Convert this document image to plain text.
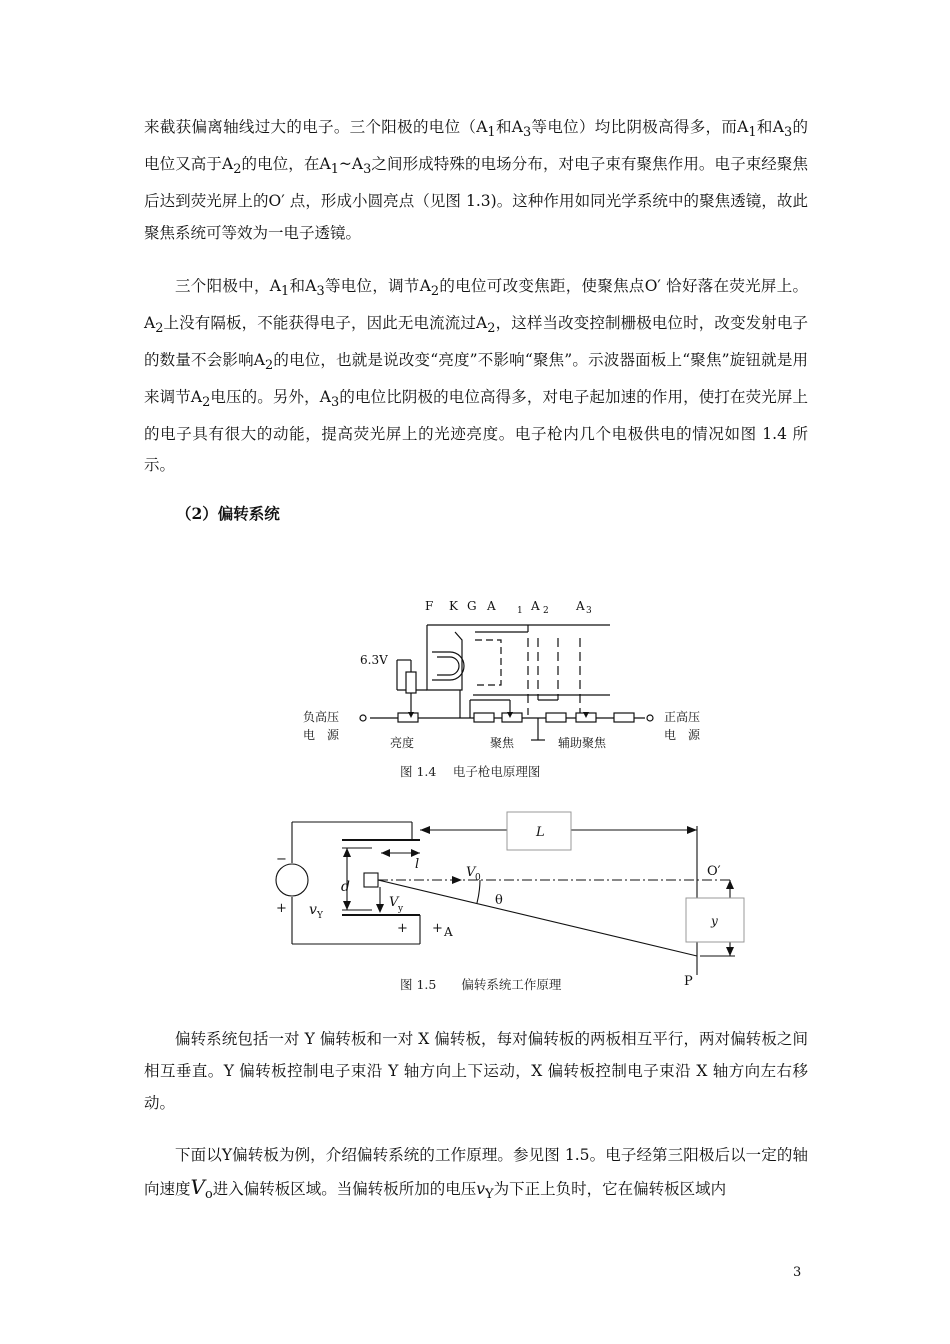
来截获偏离轴线过大的电子。三个阳极的电位（$A_1$和$A_3$等电位）均比阴极高得多，而$A_1$和$A_3$的电位又高于$A_2$的电位，在$A_1\sim A_3$之间形成特殊的电场分布，对电子束有聚焦作用。电子束经聚焦后达到荧光屏上的O′ 点，形成小圆亮点（见图 1.3)。这种作用如同光学系统中的聚焦透镜，故此聚焦系统可等效为一电子透镜。

三个阳极中，$A_1$和$A_3$等电位，调节$A_2$的电位可改变焦距，使聚焦点O′ 恰好落在荧光屏上。$A_2$上没有隔板，不能获得电子，因此无电流流过$A_2$，这样当改变控制栅极电位时，改变发射电子的数量不会影响$A_2$的电位，也就是说改变“亮度”不影响“聚焦”。示波器面板上“聚焦”旋钮就是用来调节$A_2$电压的。另外，$A_3$的电位比阴极的电位高得多，对电子起加速的作用，使打在荧光屏上的电子具有很大的动能，提高荧光屏上的光迹亮度。电子枪内几个电极供电的情况如图 1.4 所示。

（2）偏转系统
F K G A 1 A 2 A 3
6.3V
负高压
电　源
正高压
电　源
亮度	聚焦	辅助聚焦
图 1.4　 电子枪电原理图
L
l
V 0	O′
d
V y
θ
y
v Y
−
+
+ + A
P
图 1.5　　偏转系统工作原理

偏转系统包括一对 Y 偏转板和一对 X 偏转板，每对偏转板的两板相互平行，两对偏转板之间相互垂直。Y 偏转板控制电子束沿 Y 轴方向上下运动，X 偏转板控制电子束沿 X 轴方向左右移动。

下面以Y偏转板为例，介绍偏转系统的工作原理。参见图 1.5。电子经第三阳极后以一定的轴向速度$V_o$进入偏转板区域。当偏转板所加的电压$v_Y$为下正上负时，它在偏转板区域内

3
